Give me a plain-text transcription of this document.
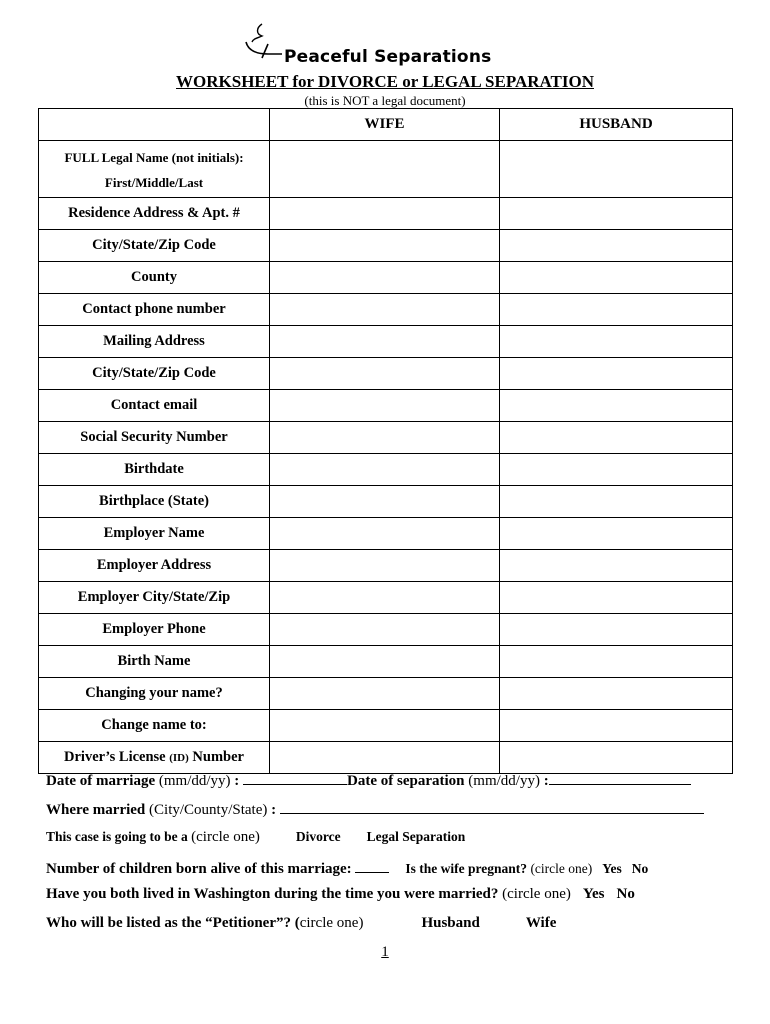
Peaceful Separations
WORKSHEET for DIVORCE or LEGAL SEPARATION
(this is NOT a legal document)
	WIFE	HUSBAND

FULL Legal Name (not initials):
First/Middle/Last		

Residence Address & Apt. #		
City/State/Zip Code		
County		
Contact phone number		
Mailing Address		
City/State/Zip Code		
Contact email		
Social Security Number		
Birthdate		
Birthplace (State)		
Employer Name		
Employer Address		
Employer City/State/Zip		
Employer Phone		
Birth Name		
Changing your name?		
Change name to:		
Driver’s License (ID) Number		
Date of marriage (mm/dd/yy) :	Date of separation (mm/dd/yy) :
Where married (City/County/State) :
This case is going to be a (circle one)	Divorce Legal Separation
Number of children born alive of this marriage:	Is the wife pregnant? (circle one) Yes No
Have you both lived in Washington during the time you were married? (circle one) Yes No
Who will be listed as the “Petitioner”? (circle one)	Husband	Wife
1
